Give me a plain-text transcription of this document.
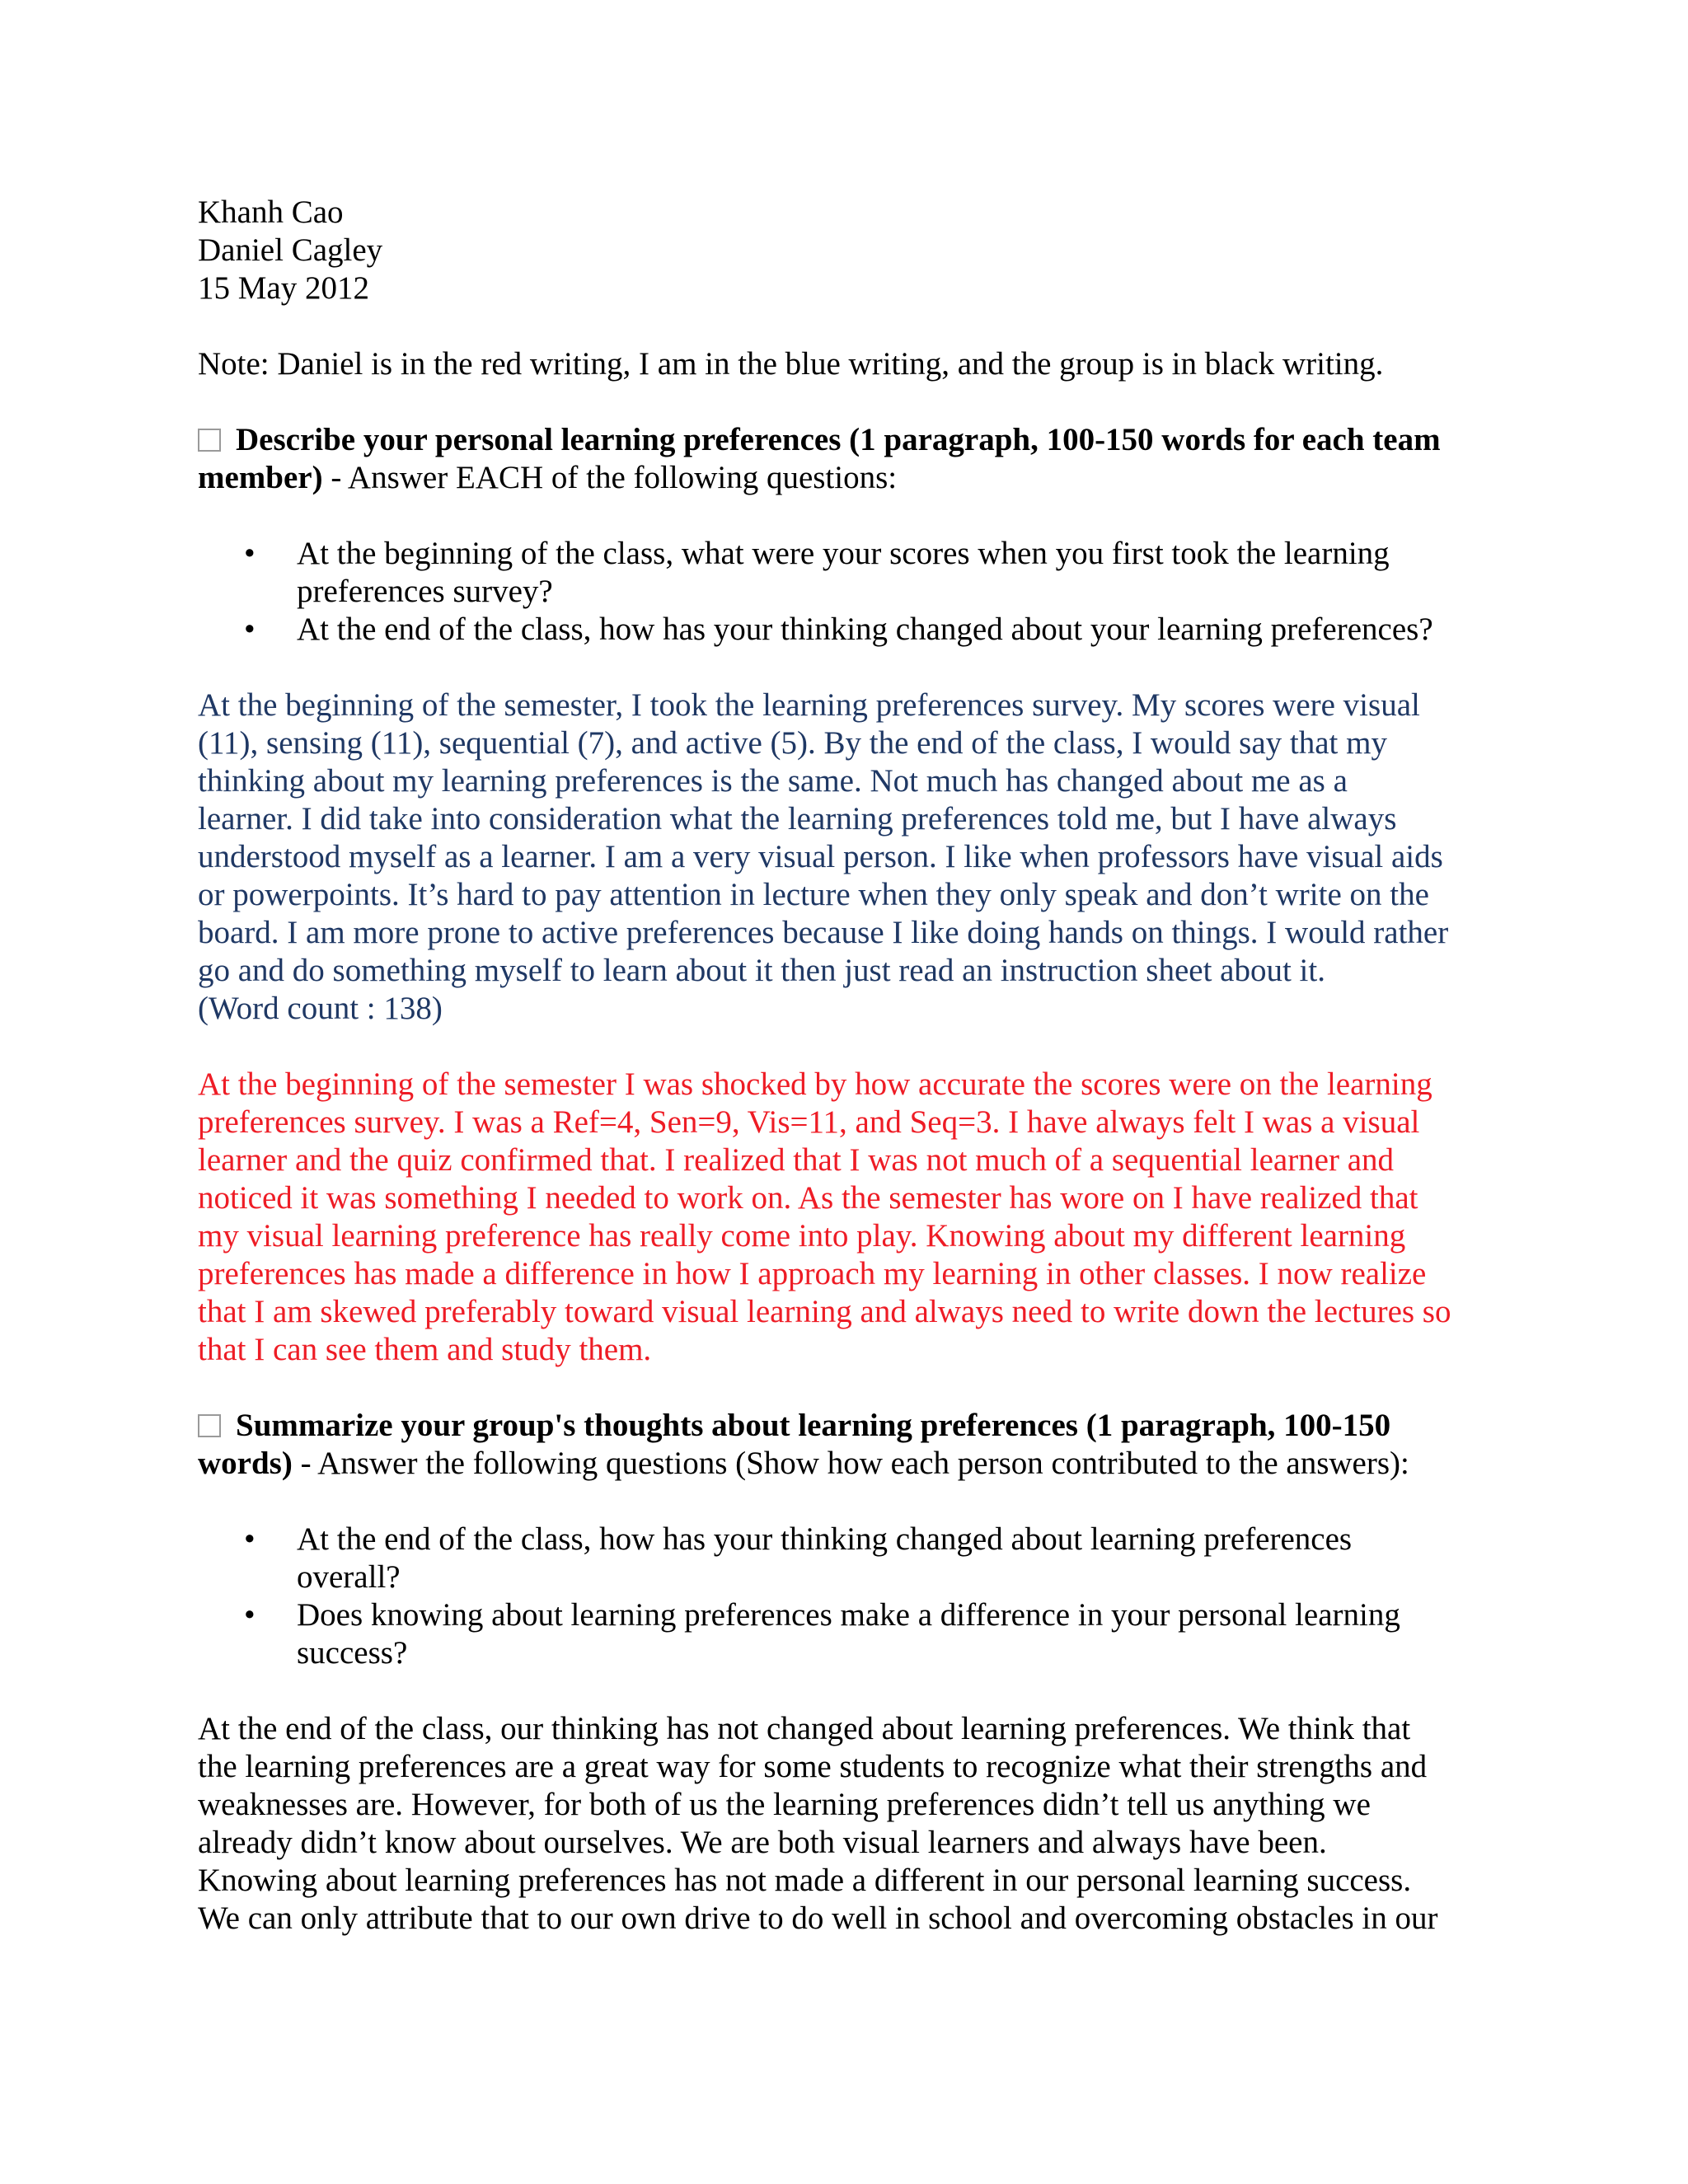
Khanh Cao
Daniel Cagley
15 May 2012
Note: Daniel is in the red writing, I am in the blue writing, and the group is in black writing.
Describe your personal learning preferences (1 paragraph, 100-150 words for each team
member) - Answer EACH of the following questions:
• At the beginning of the class, what were your scores when you first took the learning
preferences survey?
• At the end of the class, how has your thinking changed about your learning preferences?
At the beginning of the semester, I took the learning preferences survey. My scores were visual
(11), sensing (11), sequential (7), and active (5). By the end of the class, I would say that my
thinking about my learning preferences is the same. Not much has changed about me as a
learner. I did take into consideration what the learning preferences told me, but I have always
understood myself as a learner. I am a very visual person. I like when professors have visual aids
or powerpoints. It’s hard to pay attention in lecture when they only speak and don’t write on the
board. I am more prone to active preferences because I like doing hands on things. I would rather
go and do something myself to learn about it then just read an instruction sheet about it.
(Word count : 138)
At the beginning of the semester I was shocked by how accurate the scores were on the learning
preferences survey. I was a Ref=4, Sen=9, Vis=11, and Seq=3. I have always felt I was a visual
learner and the quiz confirmed that. I realized that I was not much of a sequential learner and
noticed it was something I needed to work on. As the semester has wore on I have realized that
my visual learning preference has really come into play. Knowing about my different learning
preferences has made a difference in how I approach my learning in other classes. I now realize
that I am skewed preferably toward visual learning and always need to write down the lectures so
that I can see them and study them.
Summarize your group's thoughts about learning preferences (1 paragraph, 100-150
words) - Answer the following questions (Show how each person contributed to the answers):
• At the end of the class, how has your thinking changed about learning preferences
overall?
• Does knowing about learning preferences make a difference in your personal learning
success?
At the end of the class, our thinking has not changed about learning preferences. We think that
the learning preferences are a great way for some students to recognize what their strengths and
weaknesses are. However, for both of us the learning preferences didn’t tell us anything we
already didn’t know about ourselves. We are both visual learners and always have been.
Knowing about learning preferences has not made a different in our personal learning success.
We can only attribute that to our own drive to do well in school and overcoming obstacles in our
